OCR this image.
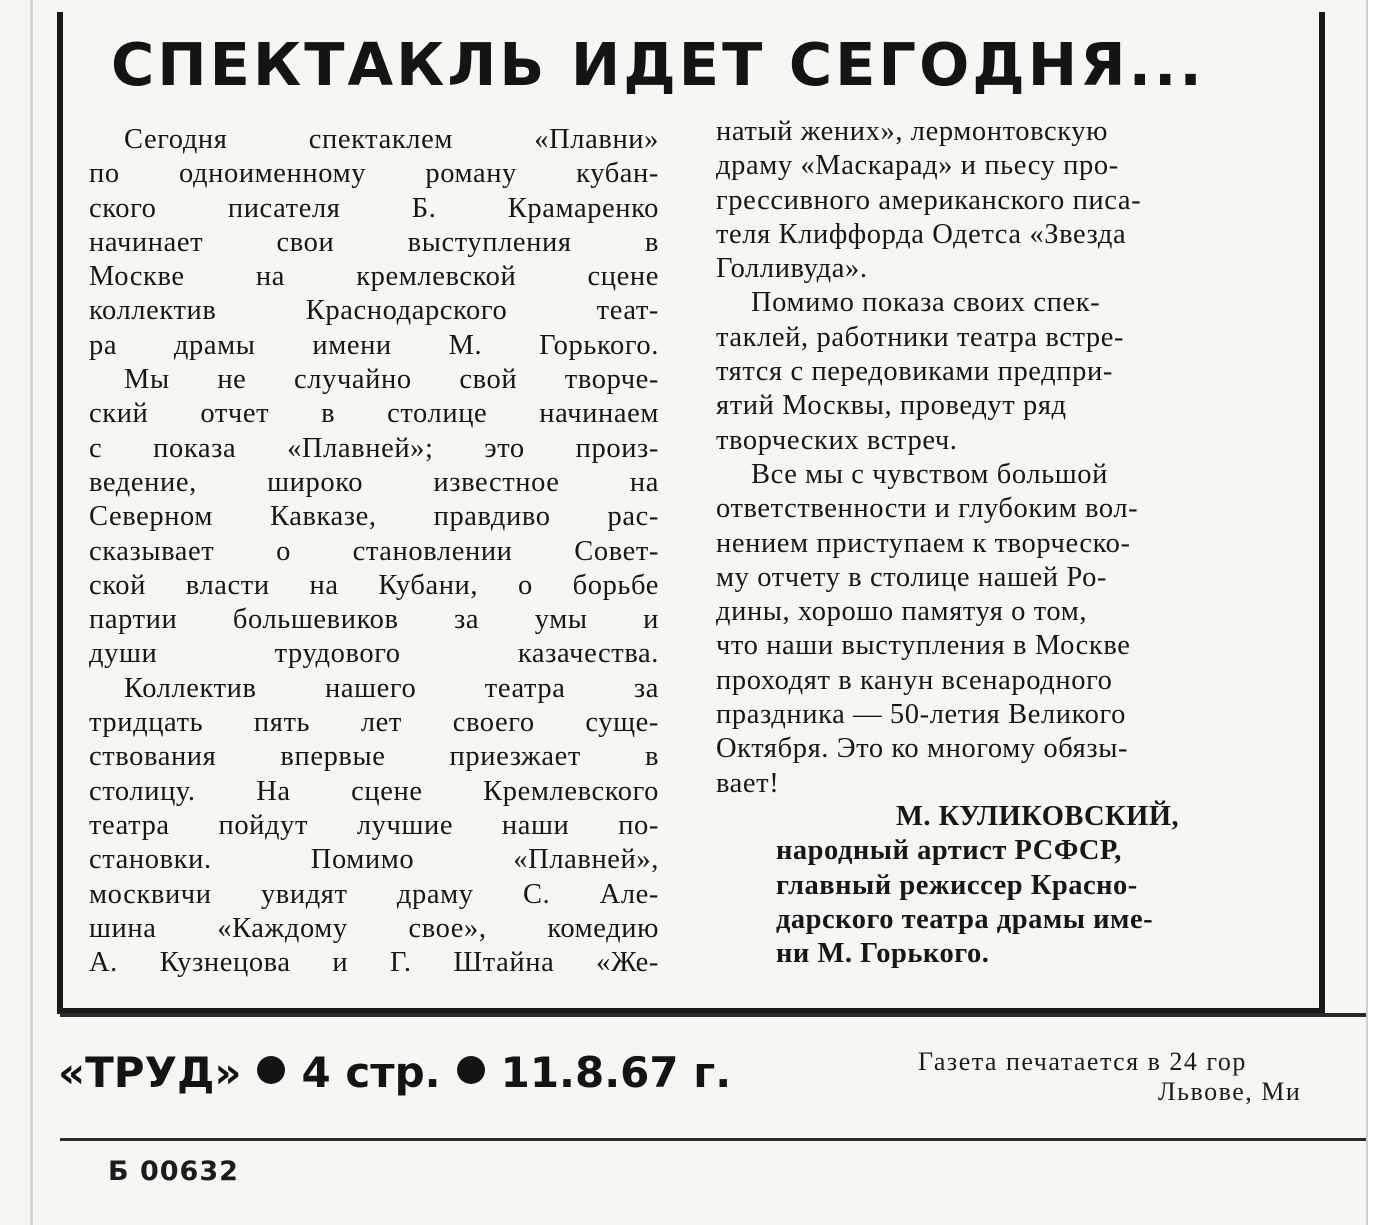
СПЕКТАКЛЬ ИДЕТ СЕГОДНЯ...

Сегодня спектаклем «Плавни»
по одноименному роману кубан-
ского писателя Б. Крамаренко
начинает свои выступления в
Москве на кремлевской сцене
коллектив Краснодарского теат-
ра драмы имени М. Горького.

Мы не случайно свой творче-
ский отчет в столице начинаем
с показа «Плавней»; это произ-
ведение, широко известное на
Северном Кавказе, правдиво рас-
сказывает о становлении Совет-
ской власти на Кубани, о борьбе
партии большевиков за умы и
души трудового казачества.

Коллектив нашего театра за
тридцать пять лет своего суще-
ствования впервые приезжает в
столицу. На сцене Кремлевского
театра пойдут лучшие наши по-
становки. Помимо «Плавней»,
москвичи увидят драму С. Але-
шина «Каждому свое», комедию
А. Кузнецова и Г. Штайна «Же-

натый жених», лермонтовскую
драму «Маскарад» и пьесу про-
грессивного американского писа-
теля Клиффорда Одетса «Звезда
Голливуда».

Помимо показа своих спек-
таклей, работники театра встре-
тятся с передовиками предпри-
ятий Москвы, проведут ряд
творческих встреч.

Все мы с чувством большой
ответственности и глубоким вол-
нением приступаем к творческо-
му отчету в столице нашей Ро-
дины, хорошо памятуя о том,
что наши выступления в Москве
проходят в канун всенародного
праздника — 50-летия Великого
Октября. Это ко многому обязы-
вает!

М. КУЛИКОВСКИЙ,
народный артист РСФСР,
главный режиссер Красно-
дарского театра драмы име-
ни М. Горького.
«ТРУД» 4 стр. 11.8.67 г.	Газета печатается в 24 гор
Львове, Ми
Б 00632
